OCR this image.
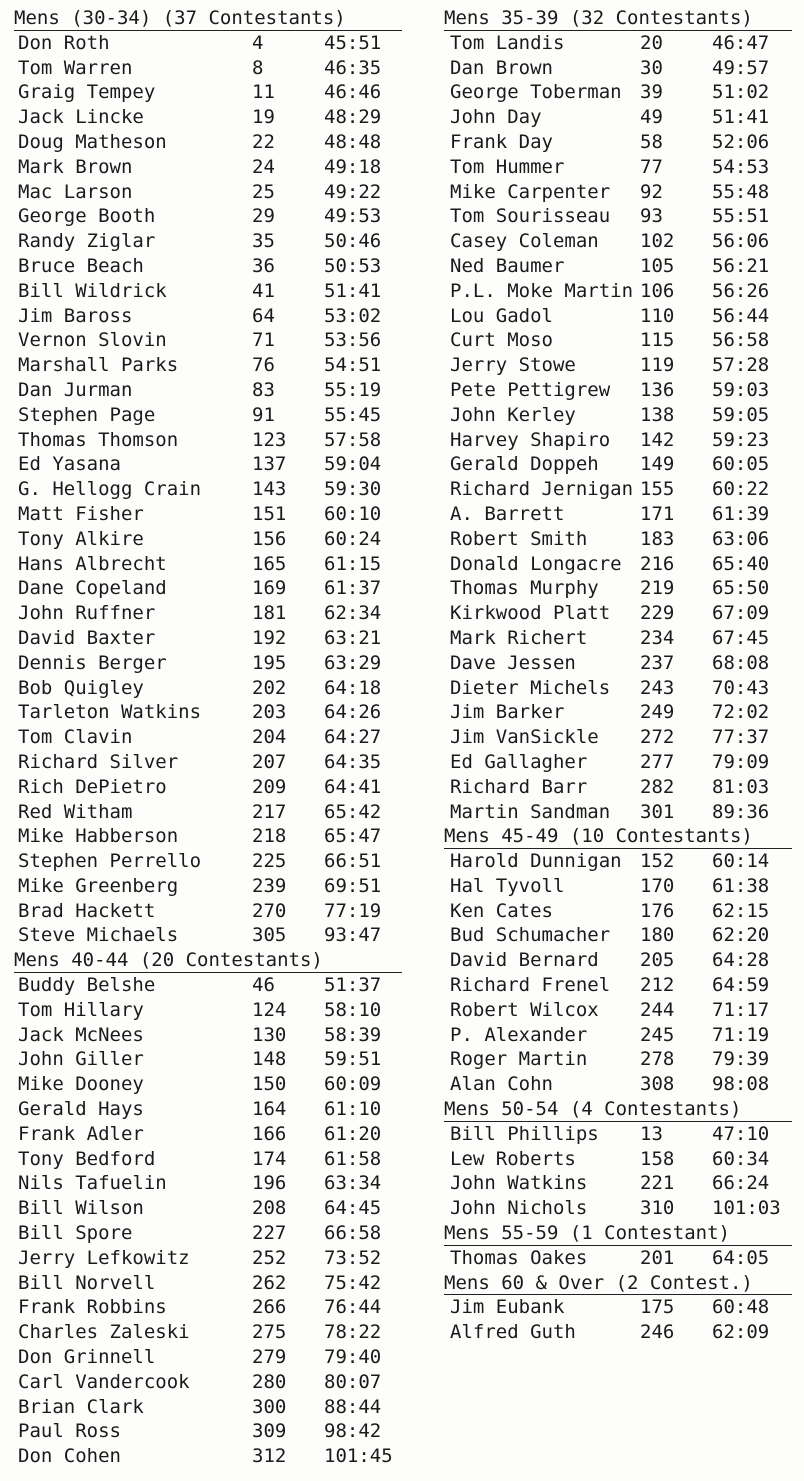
Mens (30-34) (37 Contestants)
Don Roth	4	45:51
Tom Warren	8	46:35
Graig Tempey	11	46:46
Jack Lincke	19	48:29
Doug Matheson	22	48:48
Mark Brown	24	49:18
Mac Larson	25	49:22
George Booth	29	49:53
Randy Ziglar	35	50:46
Bruce Beach	36	50:53
Bill Wildrick	41	51:41
Jim Baross	64	53:02
Vernon Slovin	71	53:56
Marshall Parks	76	54:51
Dan Jurman	83	55:19
Stephen Page	91	55:45
Thomas Thomson	123 57:58
Ed Yasana	137 59:04
G. Hellogg Crain	143 59:30
Matt Fisher	151 60:10
Tony Alkire	156 60:24
Hans Albrecht	165 61:15
Dane Copeland	169 61:37
John Ruffner	181 62:34
David Baxter	192 63:21
Dennis Berger	195 63:29
Bob Quigley	202 64:18
Tarleton Watkins	203 64:26
Tom Clavin	204 64:27
Richard Silver	207 64:35
Rich DePietro	209 64:41
Red Witham	217 65:42
Mike Habberson	218 65:47
Stephen Perrello	225 66:51
Mike Greenberg	239 69:51
Brad Hackett	270 77:19
Steve Michaels	305 93:47
Mens 40-44 (20 Contestants)
Buddy Belshe	46	51:37
Tom Hillary	124 58:10
Jack McNees	130 58:39
John Giller	148 59:51
Mike Dooney	150 60:09
Gerald Hays	164 61:10
Frank Adler	166 61:20
Tony Bedford	174 61:58
Nils Tafuelin	196 63:34
Bill Wilson	208 64:45
Bill Spore	227 66:58
Jerry Lefkowitz	252 73:52
Bill Norvell	262 75:42
Frank Robbins	266 76:44
Charles Zaleski	275 78:22
Don Grinnell	279 79:40
Carl Vandercook	280 80:07
Brian Clark	300 88:44
Paul Ross	309 98:42
Don Cohen	312 101:45
Mens 35-39 (32 Contestants)
Tom Landis	20	46:47
Dan Brown	30	49:57
George Toberman 39	51:02
John Day	49	51:41
Frank Day	58	52:06
Tom Hummer	77	54:53
Mike Carpenter 92	55:48
Tom Sourisseau 93	55:51
Casey Coleman 102 56:06
Ned Baumer	105 56:21
P.L. Moke Martin 106 56:26
Lou Gadol	110 56:44
Curt Moso	115 56:58
Jerry Stowe	119 57:28
Pete Pettigrew 136 59:03
John Kerley	138 59:05
Harvey Shapiro 142 59:23
Gerald Doppeh 149 60:05
Richard Jernigan 155 60:22
A. Barrett	171 61:39
Robert Smith	183 63:06
Donald Longacre 216 65:40
Thomas Murphy 219 65:50
Kirkwood Platt 229 67:09
Mark Richert	234 67:45
Dave Jessen	237 68:08
Dieter Michels 243 70:43
Jim Barker	249 72:02
Jim VanSickle 272 77:37
Ed Gallagher	277 79:09
Richard Barr	282 81:03
Martin Sandman 301 89:36
Mens 45-49 (10 Contestants)
Harold Dunnigan 152 60:14
Hal Tyvoll	170 61:38
Ken Cates	176 62:15
Bud Schumacher 180 62:20
David Bernard 205 64:28
Richard Frenel 212 64:59
Robert Wilcox 244 71:17
P. Alexander	245 71:19
Roger Martin	278 79:39
Alan Cohn	308 98:08
Mens 50-54 (4 Contestants)
Bill Phillips 13	47:10
Lew Roberts	158 60:34
John Watkins	221 66:24
John Nichols	310 101:03
Mens 55-59 (1 Contestant)
Thomas Oakes	201 64:05
Mens 60 & Over (2 Contest.)
Jim Eubank	175 60:48
Alfred Guth	246 62:09
